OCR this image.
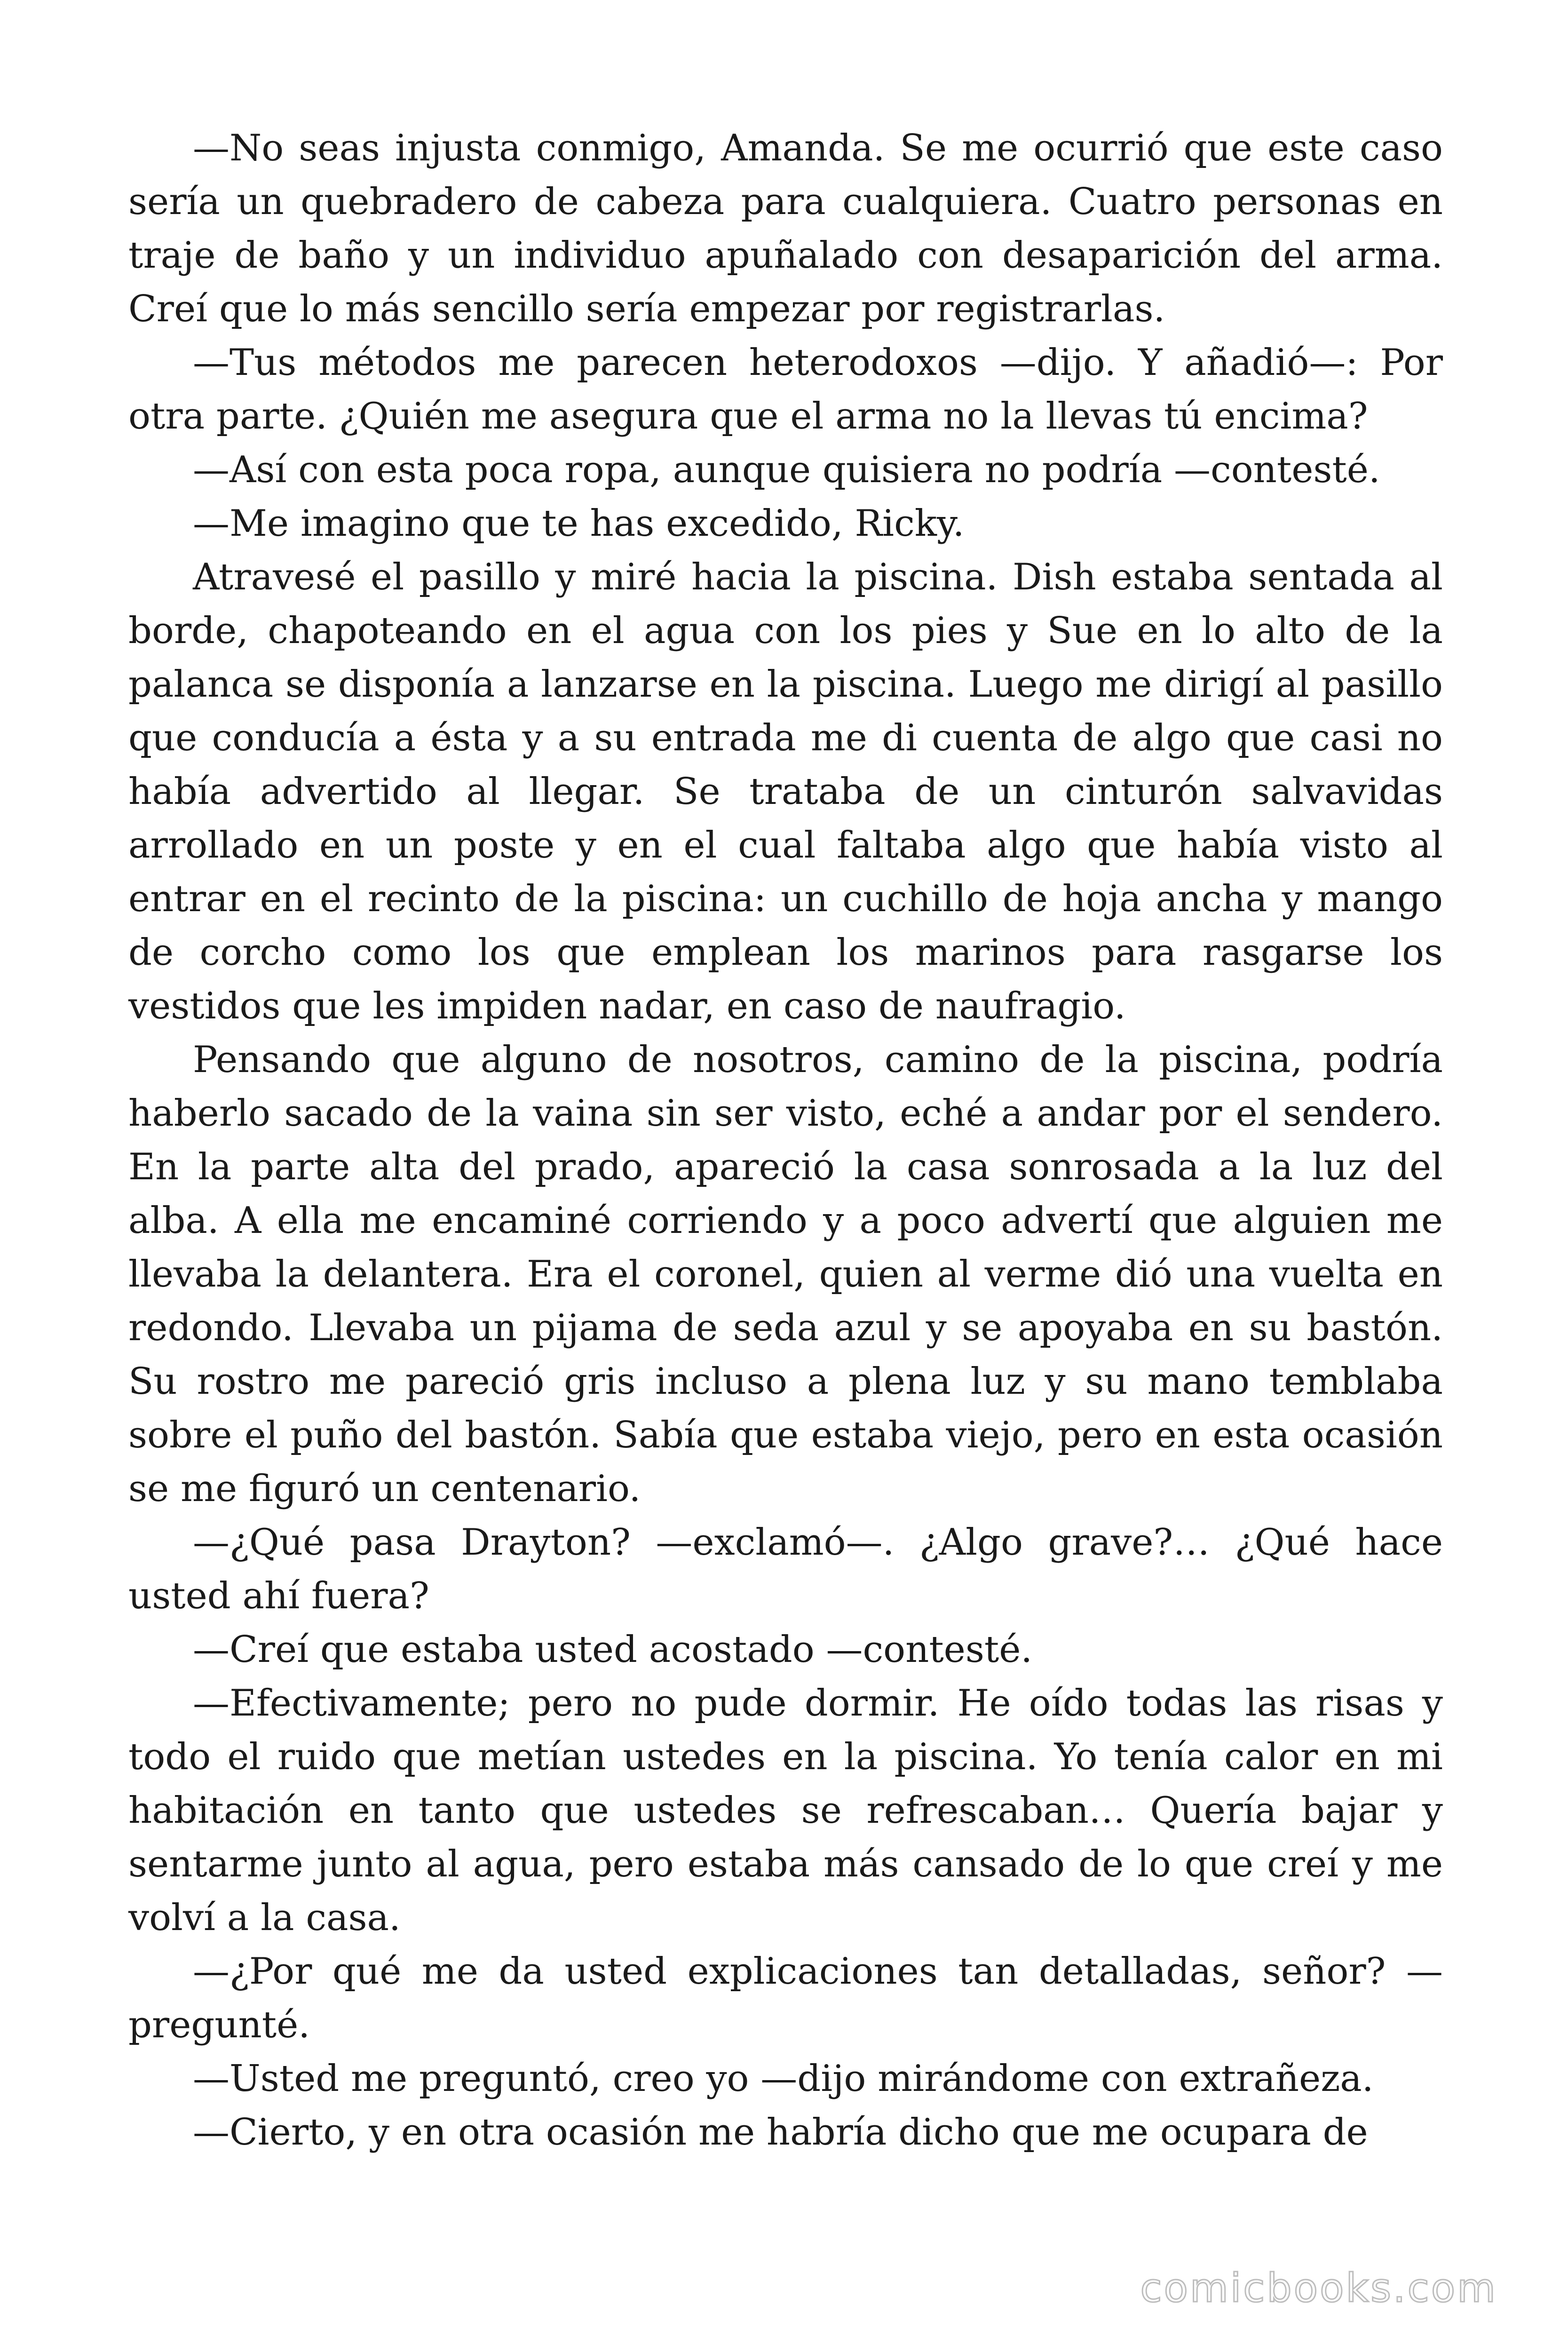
—No seas injusta conmigo, Amanda. Se me ocurrió que este caso sería un quebradero de cabeza para cualquiera. Cuatro personas en traje de baño y un individuo apuñalado con desaparición del arma. Creí que lo más sencillo sería empezar por registrarlas.

—Tus métodos me parecen heterodoxos —dijo. Y añadió—: Por otra parte. ¿Quién me asegura que el arma no la llevas tú encima?

—Así con esta poca ropa, aunque quisiera no podría —contesté.

—Me imagino que te has excedido, Ricky.

Atravesé el pasillo y miré hacia la piscina. Dish estaba sentada al borde, chapoteando en el agua con los pies y Sue en lo alto de la palanca se disponía a lanzarse en la piscina. Luego me dirigí al pasillo que conducía a ésta y a su entrada me di cuenta de algo que casi no había advertido al llegar. Se trataba de un cinturón salvavidas arrollado en un poste y en el cual faltaba algo que había visto al entrar en el recinto de la piscina: un cuchillo de hoja ancha y mango de corcho como los que emplean los marinos para rasgarse los vestidos que les impiden nadar, en caso de naufragio.

Pensando que alguno de nosotros, camino de la piscina, podría haberlo sacado de la vaina sin ser visto, eché a andar por el sendero. En la parte alta del prado, apareció la casa sonrosada a la luz del alba. A ella me encaminé corriendo y a poco advertí que alguien me llevaba la delantera. Era el coronel, quien al verme dió una vuelta en redondo. Llevaba un pijama de seda azul y se apoyaba en su bastón. Su rostro me pareció gris incluso a plena luz y su mano temblaba sobre el puño del bastón. Sabía que estaba viejo, pero en esta ocasión se me figuró un centenario.

—¿Qué pasa Drayton? —exclamó—. ¿Algo grave?… ¿Qué hace usted ahí fuera?

—Creí que estaba usted acostado —contesté.

—Efectivamente; pero no pude dormir. He oído todas las risas y todo el ruido que metían ustedes en la piscina. Yo tenía calor en mi habitación en tanto que ustedes se refrescaban… Quería bajar y sentarme junto al agua, pero estaba más cansado de lo que creí y me volví a la casa.

—¿Por qué me da usted explicaciones tan detalladas, señor? —pregunté.

—Usted me preguntó, creo yo —dijo mirándome con extrañeza.

—Cierto, y en otra ocasión me habría dicho que me ocupara de

comicbooks.com
